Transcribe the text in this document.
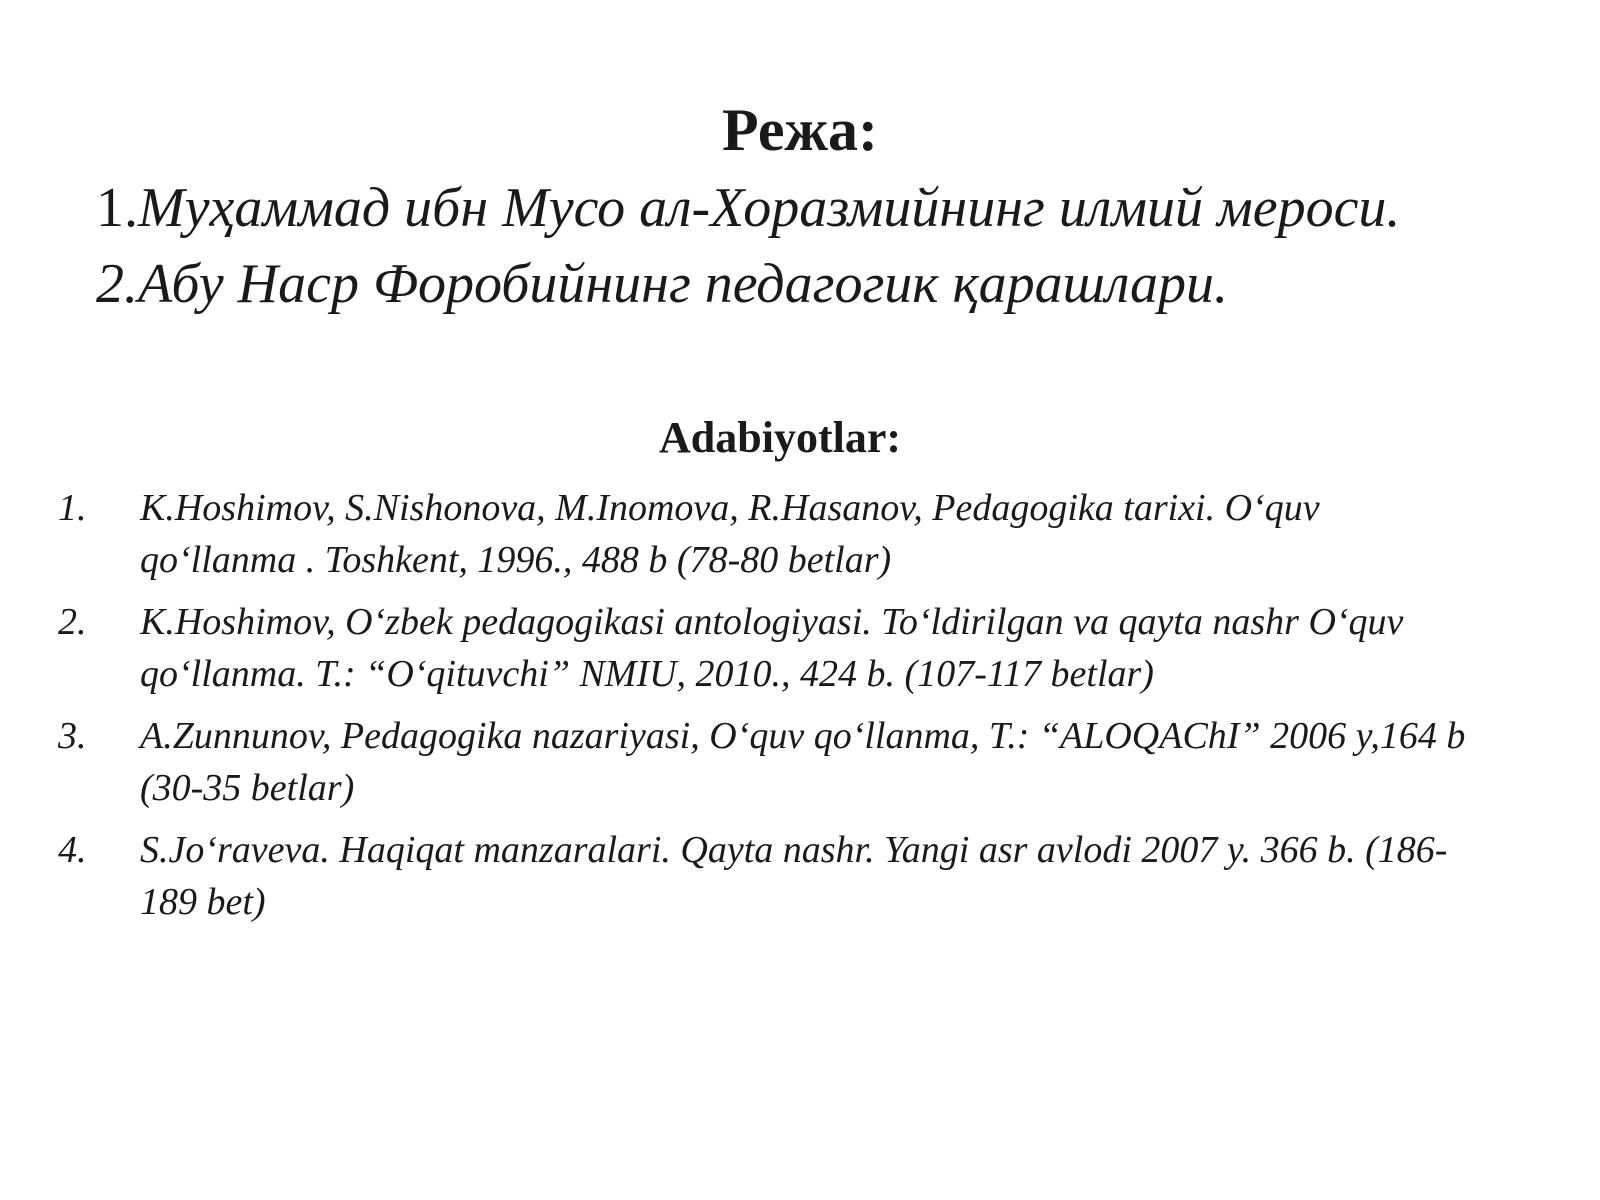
Режа:
1.Муҳаммад ибн Мусо ал-Хоразмийнинг илмий мероси.
2.Абу Наср Форобийнинг педагогик қарашлари.
Adabiyotlar:
1.	K.Hoshimov, S.Nishonova, M.Inomova, R.Hasanov, Pedagogika tarixi. O‘quv qo‘llanma . Toshkent, 1996., 488 b (78-80 betlar)
2.	K.Hoshimov, O‘zbek pedagogikasi antologiyasi. To‘ldirilgan va qayta nashr O‘quv qo‘llanma. T.: “O‘qituvchi” NMIU, 2010., 424 b. (107-117 betlar)
3.	A.Zunnunov, Pedagogika nazariyasi, O‘quv qo‘llanma, T.: “ALOQAChI” 2006 y,164 b (30-35 betlar)
4.	S.Jo‘raveva. Haqiqat manzaralari. Qayta nashr. Yangi asr avlodi 2007 y. 366 b. (186-189 bet)
